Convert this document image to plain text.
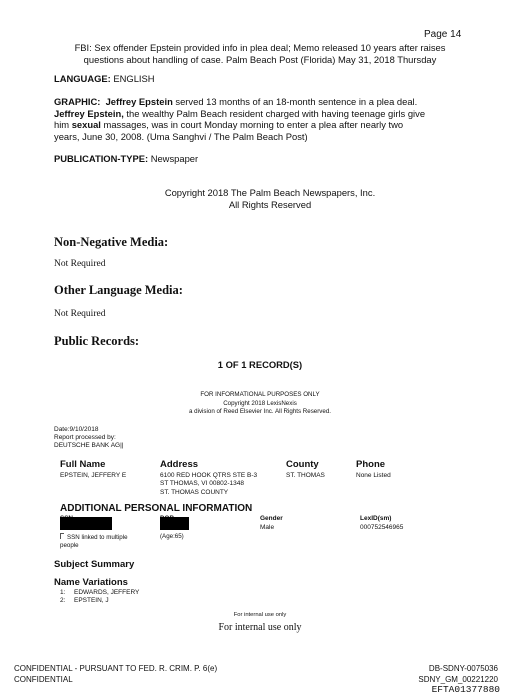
Page 14
FBI: Sex offender Epstein provided info in plea deal; Memo released 10 years after raises
questions about handling of case. Palm Beach Post (Florida) May 31, 2018 Thursday
LANGUAGE: ENGLISH
GRAPHIC: Jeffrey Epstein served 13 months of an 18-month sentence in a plea deal.
Jeffrey Epstein, the wealthy Palm Beach resident charged with having teenage girls give
him sexual massages, was in court Monday morning to enter a plea after nearly two
years, June 30, 2008. (Uma Sanghvi / The Palm Beach Post)
PUBLICATION-TYPE: Newspaper
Copyright 2018 The Palm Beach Newspapers, Inc.
All Rights Reserved
Non-Negative Media:
Not Required
Other Language Media:
Not Required
Public Records:
1 OF 1 RECORD(S)
FOR INFORMATIONAL PURPOSES ONLY
Copyright 2018 LexisNexis
a division of Reed Elsevier Inc. All Rights Reserved.
Date:9/10/2018
Report processed by:
DEUTSCHE BANK AG||
Full Name	Address	County	Phone
EPSTEIN, JEFFERY E	6100 RED HOOK QTRS STE B-3
ST THOMAS, VI 00802-1348
ST. THOMAS COUNTY
ST. THOMAS	None Listed
ADDITIONAL PERSONAL INFORMATION
Gender
Male
LexID(sm)
000752546965
SSN linked to multiple
people
(Age:65)
Subject Summary
Name Variations
1: EDWARDS, JEFFERY
2: EPSTEIN, J
For internal use only
For internal use only
CONFIDENTIAL - PURSUANT TO FED. R. CRIM. P. 6(e)
CONFIDENTIAL
DB-SDNY-0075036
SDNY_GM_00221220
EFTA01377880
